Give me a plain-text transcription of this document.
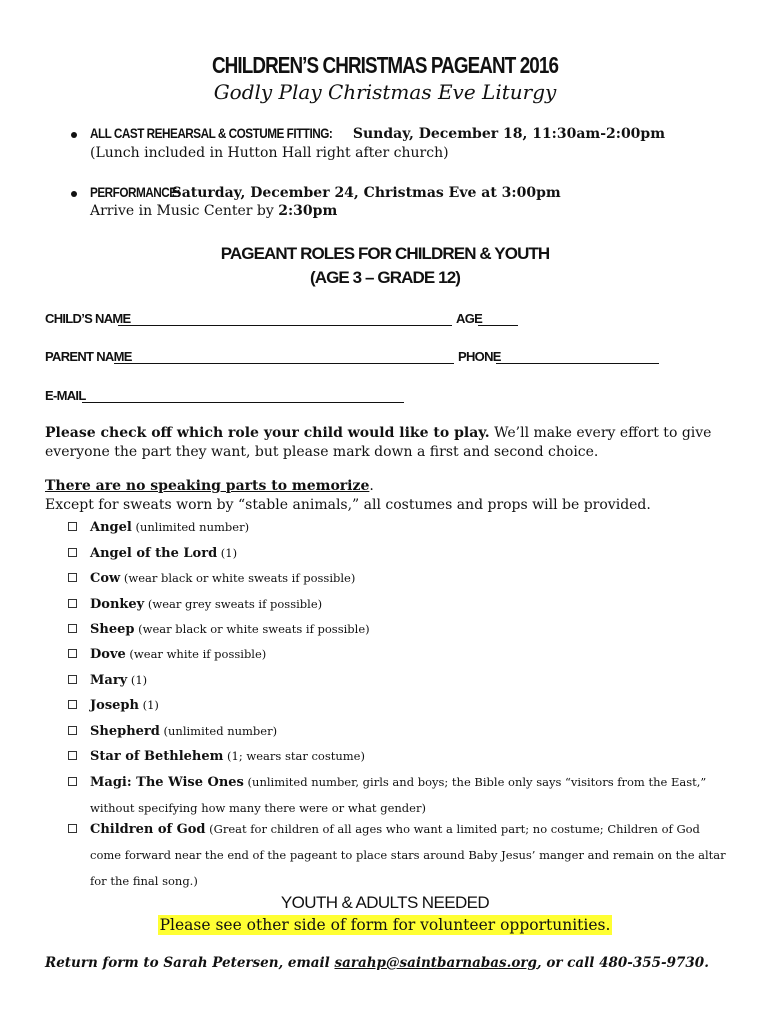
CHILDREN’S CHRISTMAS PAGEANT 2016
Godly Play Christmas Eve Liturgy
ALL CAST REHEARSAL & COSTUME FITTING: Sunday, December 18, 11:30am-2:00pm
(Lunch included in Hutton Hall right after church)
PERFORMANCE: Saturday, December 24, Christmas Eve at 3:00pm
Arrive in Music Center by 2:30pm
PAGEANT ROLES FOR CHILDREN & YOUTH
(AGE 3 – GRADE 12)
CHILD’S NAME	AGE
PARENT NAME	PHONE
E-MAIL
Please check off which role your child would like to play. We’ll make every effort to give everyone the part they want, but please mark down a first and second choice.
There are no speaking parts to memorize.
Except for sweats worn by “stable animals,” all costumes and props will be provided.
Angel (unlimited number)
Angel of the Lord (1)
Cow (wear black or white sweats if possible)
Donkey (wear grey sweats if possible)
Sheep (wear black or white sweats if possible)
Dove (wear white if possible)
Mary (1)
Joseph (1)
Shepherd (unlimited number)
Star of Bethlehem (1; wears star costume)
Magi: The Wise Ones (unlimited number, girls and boys; the Bible only says “visitors from the East,” without specifying how many there were or what gender)
Children of God (Great for children of all ages who want a limited part; no costume; Children of God come forward near the end of the pageant to place stars around Baby Jesus’ manger and remain on the altar for the final song.)
YOUTH & ADULTS NEEDED
Please see other side of form for volunteer opportunities.
Return form to Sarah Petersen, email sarahp@saintbarnabas.org, or call 480-355-9730.
